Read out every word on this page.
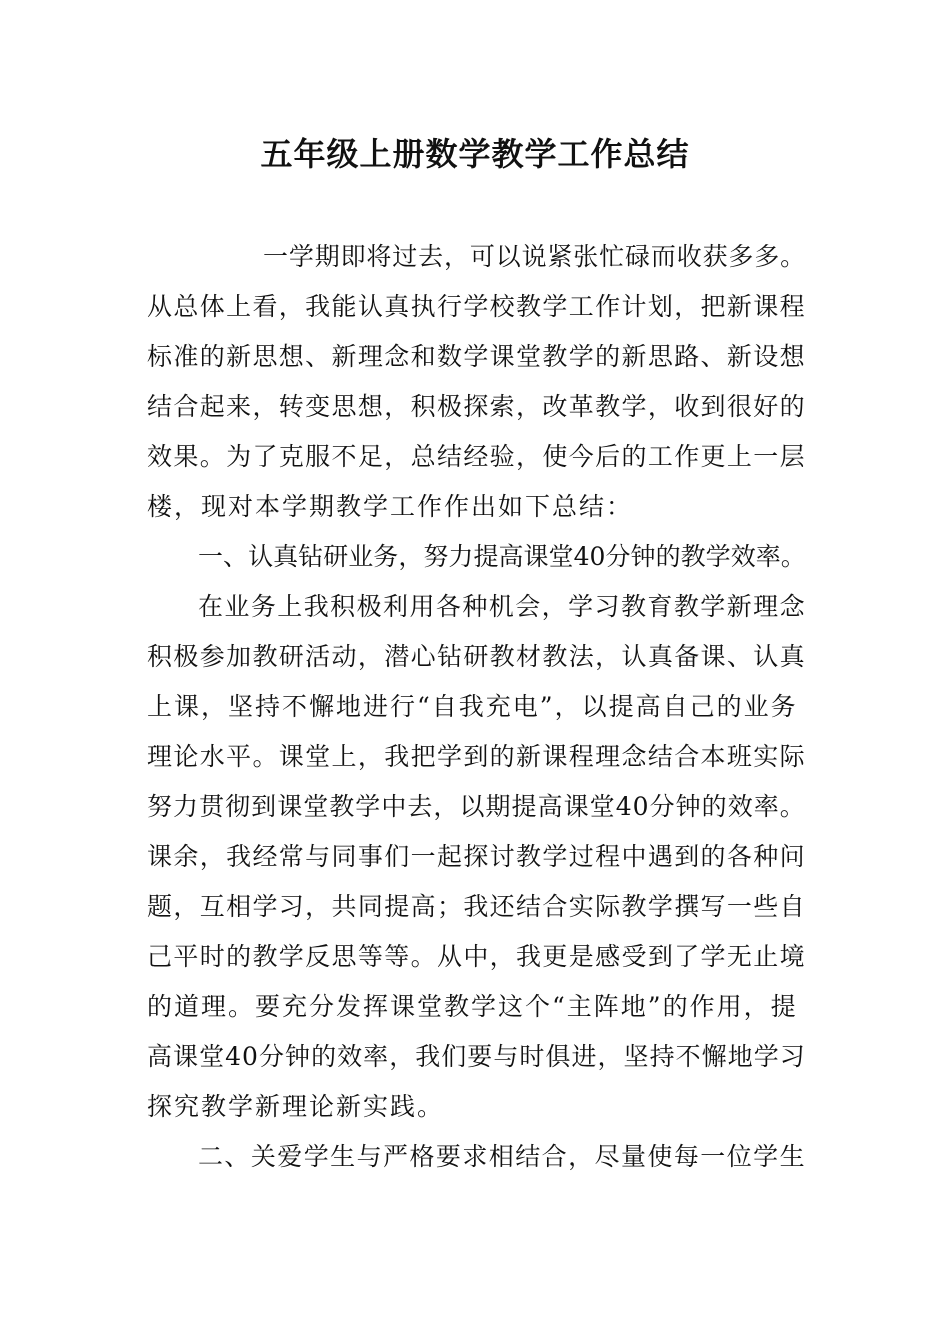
五年级上册数学教学工作总结
一学期即将过去，可以说紧张忙碌而收获多多。
从总体上看，我能认真执行学校教学工作计划，把新课程
标准的新思想、新理念和数学课堂教学的新思路、新设想
结合起来，转变思想，积极探索，改革教学，收到很好的
效果。为了克服不足，总结经验，使今后的工作更上一层
楼，现对本学期教学工作作出如下总结：
一、认真钻研业务，努力提高课堂40分钟的教学效率。
在业务上我积极利用各种机会，学习教育教学新理念
积极参加教研活动，潜心钻研教材教法，认真备课、认真
上课，坚持不懈地进行“自我充电”，以提高自己的业务
理论水平。课堂上，我把学到的新课程理念结合本班实际
努力贯彻到课堂教学中去，以期提高课堂40分钟的效率。
课余，我经常与同事们一起探讨教学过程中遇到的各种问
题，互相学习，共同提高；我还结合实际教学撰写一些自
己平时的教学反思等等。从中，我更是感受到了学无止境
的道理。要充分发挥课堂教学这个“主阵地”的作用，提
高课堂40分钟的效率，我们要与时俱进，坚持不懈地学习
探究教学新理论新实践。
二、关爱学生与严格要求相结合，尽量使每一位学生
